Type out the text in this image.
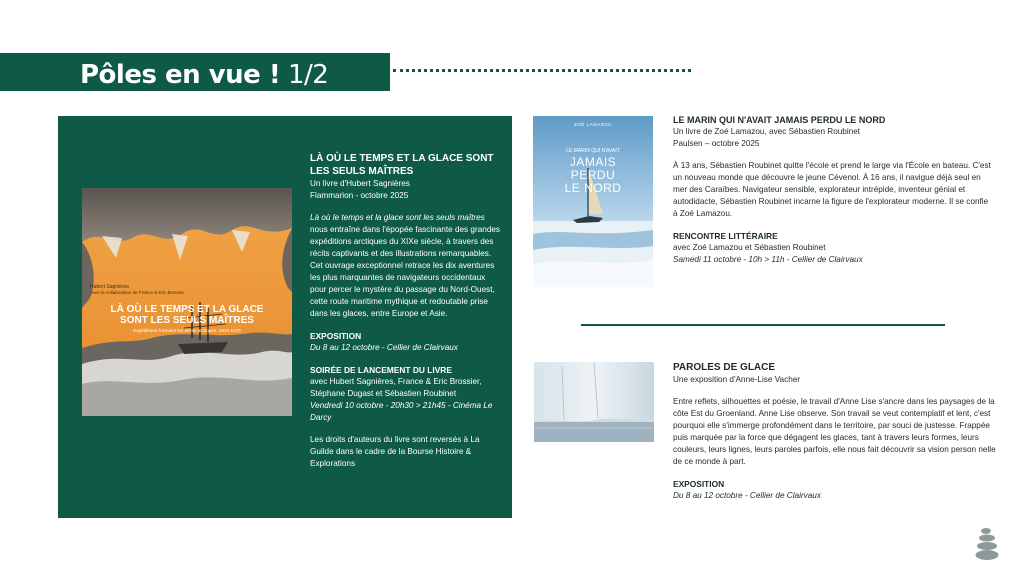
Pôles en vue ! 1/2
Hubert Sagnières
Avec la collaboration de France & Eric Brossier
LÀ OÙ LE TEMPS ET LA GLACE SONT LES SEULS MAÎTRES
Expéditions à travers les terres arctiques, 1818-1878
LÀ OÙ LE TEMPS ET LA GLACE SONT LES SEULS MAÎTRES
Un livre d'Hubert Sagnières
Flammarion - octobre 2025
Là où le temps et la glace sont les seuls maîtres nous entraîne dans l'épopée fascinante des grandes expéditions arctiques du XIXe siècle, à travers des récits captivants et des illustrations remarquables. Cet ouvrage exceptionnel retrace les dix aventures les plus marquantes de navigateurs occidentaux pour percer le mystère du passage du Nord-Ouest, cette route maritime mythique et redoutable prise dans les glaces, entre Europe et Asie.
EXPOSITION
Du 8 au 12 octobre - Cellier de Clairvaux
SOIRÉE DE LANCEMENT DU LIVRE
avec Hubert Sagnières, France & Eric Brossier, Stéphane Dugast et Sébastien Roubinet
Vendredi 10 octobre - 20h30 > 21h45 - Cinéma Le Darcy
Les droits d'auteurs du livre sont reversés à La Guilde dans le cadre de la Bourse Histoire & Explorations
ZOÉ LAMAZOU
LE MARIN QUI N'AVAIT
JAMAIS
PERDU
LE NORD
LE MARIN QUI N'AVAIT JAMAIS PERDU LE NORD
Un livre de Zoé Lamazou, avec Sébastien Roubinet
Paulsen – octobre 2025
À 13 ans, Sébastien Roubinet quitte l'école et prend le large via l'École en bateau. C'est un nouveau monde que découvre le jeune Cévenol. À 16 ans, il navigue déjà seul en mer des Caraïbes. Navigateur sensible, explorateur intrépide, inventeur génial et autodidacte, Sébastien Roubinet incarne la figure de l'explorateur moderne. Il se confie à Zoé Lamazou.
RENCONTRE LITTÉRAIRE
avec Zoé Lamazou et Sébastien Roubinet
Samedi 11 octobre - 10h > 11h - Cellier de Clairvaux
PAROLES DE GLACE
Une exposition d'Anne-Lise Vacher
Entre reflets, silhouettes et poésie, le travail d'Anne Lise s'ancre dans les paysages de la côte Est du Groenland. Anne Lise observe. Son travail se veut contemplatif et lent, c'est pourquoi elle s'immerge profondément dans le territoire, par souci de justesse. Frappée puis marquée par la force que dégagent les glaces, tant à travers leurs formes, leurs couleurs, leurs lignes, leurs paroles parfois, elle nous fait découvrir sa vision person nelle de ce monde à part.
EXPOSITION
Du 8 au 12 octobre - Cellier de Clairvaux
